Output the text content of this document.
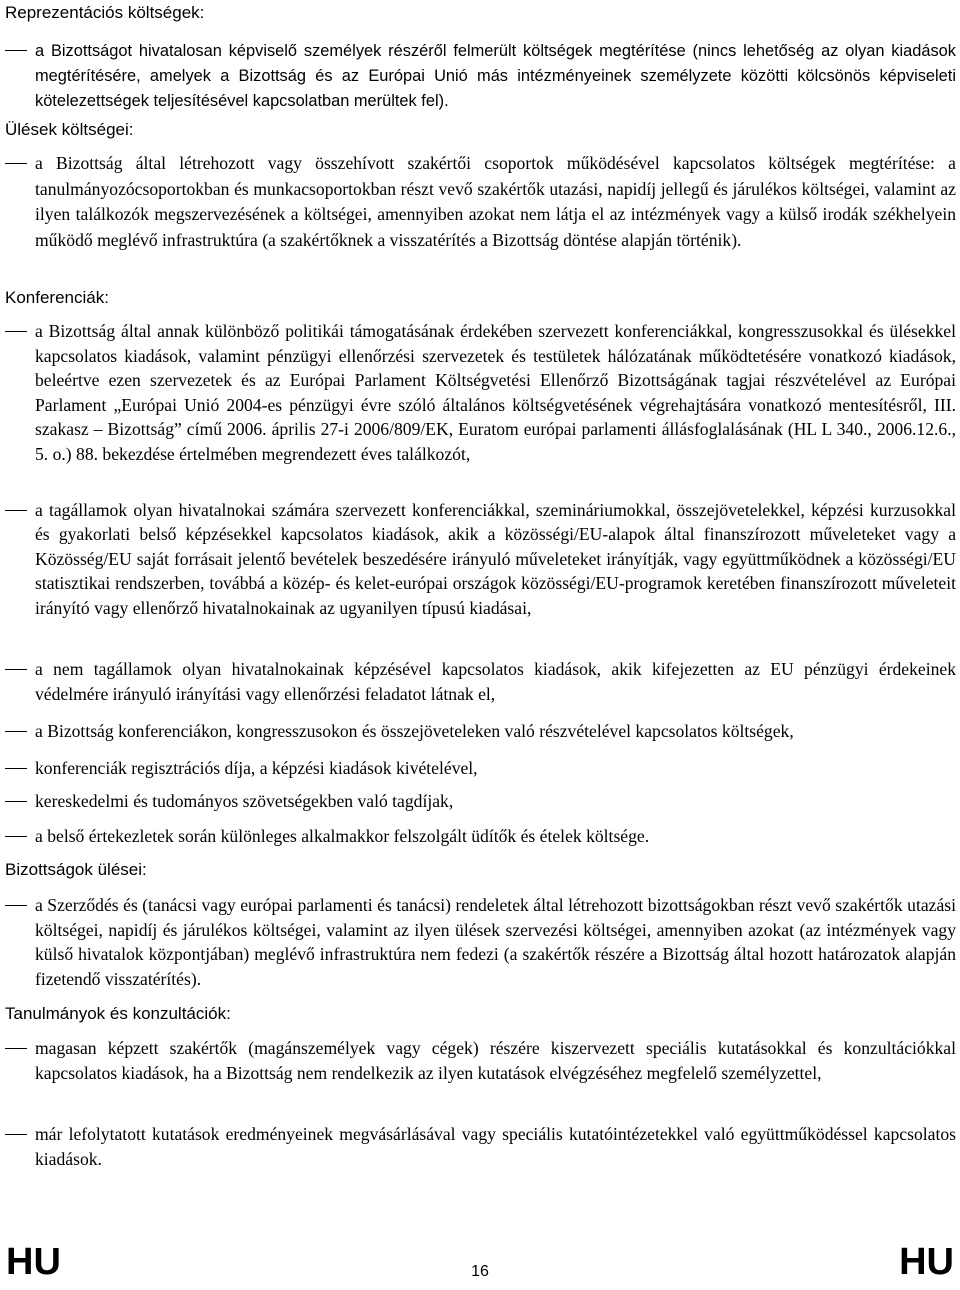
Reprezentációs költségek:

a Bizottságot hivatalosan képviselő személyek részéről felmerült költségek megtérítése (nincs lehetőség az olyan kiadások megtérítésére, amelyek a Bizottság és az Európai Unió más intézményeinek személyzete közötti kölcsönös képviseleti kötelezettségek teljesítésével kapcsolatban merültek fel).

Ülések költségei:

a Bizottság által létrehozott vagy összehívott szakértői csoportok működésével kapcsolatos költségek megtérítése: a tanulmányozócsoportokban és munkacsoportokban részt vevő szakértők utazási, napidíj jellegű és járulékos költségei, valamint az ilyen találkozók megszervezésének a költségei, amennyiben azokat nem látja el az intézmények vagy a külső irodák székhelyein működő meglévő infrastruktúra (a szakértőknek a visszatérítés a Bizottság döntése alapján történik).

Konferenciák:

a Bizottság által annak különböző politikái támogatásának érdekében szervezett konferenciákkal, kongresszusokkal és ülésekkel kapcsolatos kiadások, valamint pénzügyi ellenőrzési szervezetek és testületek hálózatának működtetésére vonatkozó kiadások, beleértve ezen szervezetek és az Európai Parlament Költségvetési Ellenőrző Bizottságának tagjai részvételével az Európai Parlament „Európai Unió 2004-es pénzügyi évre szóló általános költségvetésének végrehajtására vonatkozó mentesítésről, III. szakasz – Bizottság” című 2006. április 27-i 2006/809/EK, Euratom európai parlamenti állásfoglalásának (HL L 340., 2006.12.6., 5. o.) 88. bekezdése értelmében megrendezett éves találkozót,

a tagállamok olyan hivatalnokai számára szervezett konferenciákkal, szemináriumokkal, összejövetelekkel, képzési kurzusokkal és gyakorlati belső képzésekkel kapcsolatos kiadások, akik a közösségi/EU-alapok által finanszírozott műveleteket vagy a Közösség/EU saját forrásait jelentő bevételek beszedésére irányuló műveleteket irányítják, vagy együttműködnek a közösségi/EU statisztikai rendszerben, továbbá a közép- és kelet-európai országok közösségi/EU-programok keretében finanszírozott műveleteit irányító vagy ellenőrző hivatalnokainak az ugyanilyen típusú kiadásai,

a nem tagállamok olyan hivatalnokainak képzésével kapcsolatos kiadások, akik kifejezetten az EU pénzügyi érdekeinek védelmére irányuló irányítási vagy ellenőrzési feladatot látnak el,

a Bizottság konferenciákon, kongresszusokon és összejöveteleken való részvételével kapcsolatos költségek,

konferenciák regisztrációs díja, a képzési kiadások kivételével,

kereskedelmi és tudományos szövetségekben való tagdíjak,

a belső értekezletek során különleges alkalmakkor felszolgált üdítők és ételek költsége.

Bizottságok ülései:

a Szerződés és (tanácsi vagy európai parlamenti és tanácsi) rendeletek által létrehozott bizottságokban részt vevő szakértők utazási költségei, napidíj és járulékos költségei, valamint az ilyen ülések szervezési költségei, amennyiben azokat (az intézmények vagy külső hivatalok központjában) meglévő infrastruktúra nem fedezi (a szakértők részére a Bizottság által hozott határozatok alapján fizetendő visszatérítés).

Tanulmányok és konzultációk:

magasan képzett szakértők (magánszemélyek vagy cégek) részére kiszervezett speciális kutatásokkal és konzultációkkal kapcsolatos kiadások, ha a Bizottság nem rendelkezik az ilyen kutatások elvégzéséhez megfelelő személyzettel,

már lefolytatott kutatások eredményeinek megvásárlásával vagy speciális kutatóintézetekkel való együttműködéssel kapcsolatos kiadások.

HU	16	HU
